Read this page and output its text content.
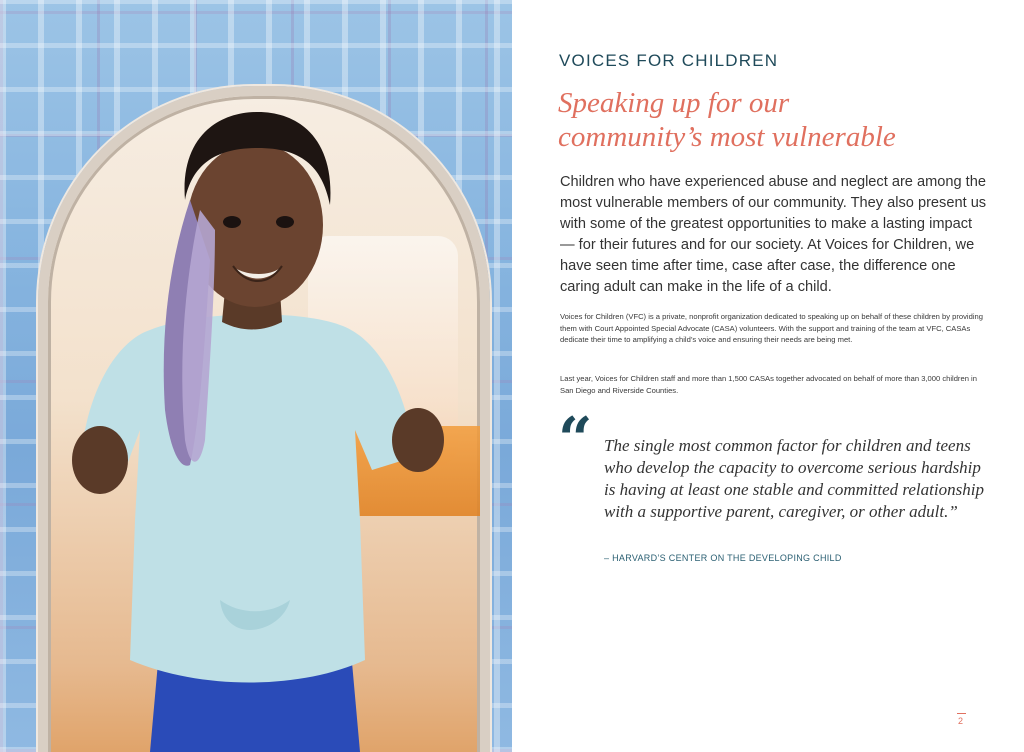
VOICES FOR CHILDREN
Speaking up for our
community’s most vulnerable

Children who have experienced abuse and neglect are among the most vulnerable members of our community. They also present us with some of the greatest opportunities to make a lasting impact — for their futures and for our society. At Voices for Children, we have seen time after time, case after case, the difference one caring adult can make in the life of a child.

Voices for Children (VFC) is a private, nonprofit organization dedicated to speaking up on behalf of these children by providing them with Court Appointed Special Advocate (CASA) volunteers. With the support and training of the team at VFC, CASAs dedicate their time to amplifying a child’s voice and ensuring their needs are being met.

Last year, Voices for Children staff and more than 1,500 CASAs together advocated on behalf of more than 3,000 children in San Diego and Riverside Counties.

“ The single most common factor for children and teens who develop the capacity to overcome serious hardship is having at least one stable and committed relationship with a supportive parent, caregiver, or other adult.”

– HARVARD’S CENTER ON THE DEVELOPING CHILD
2
